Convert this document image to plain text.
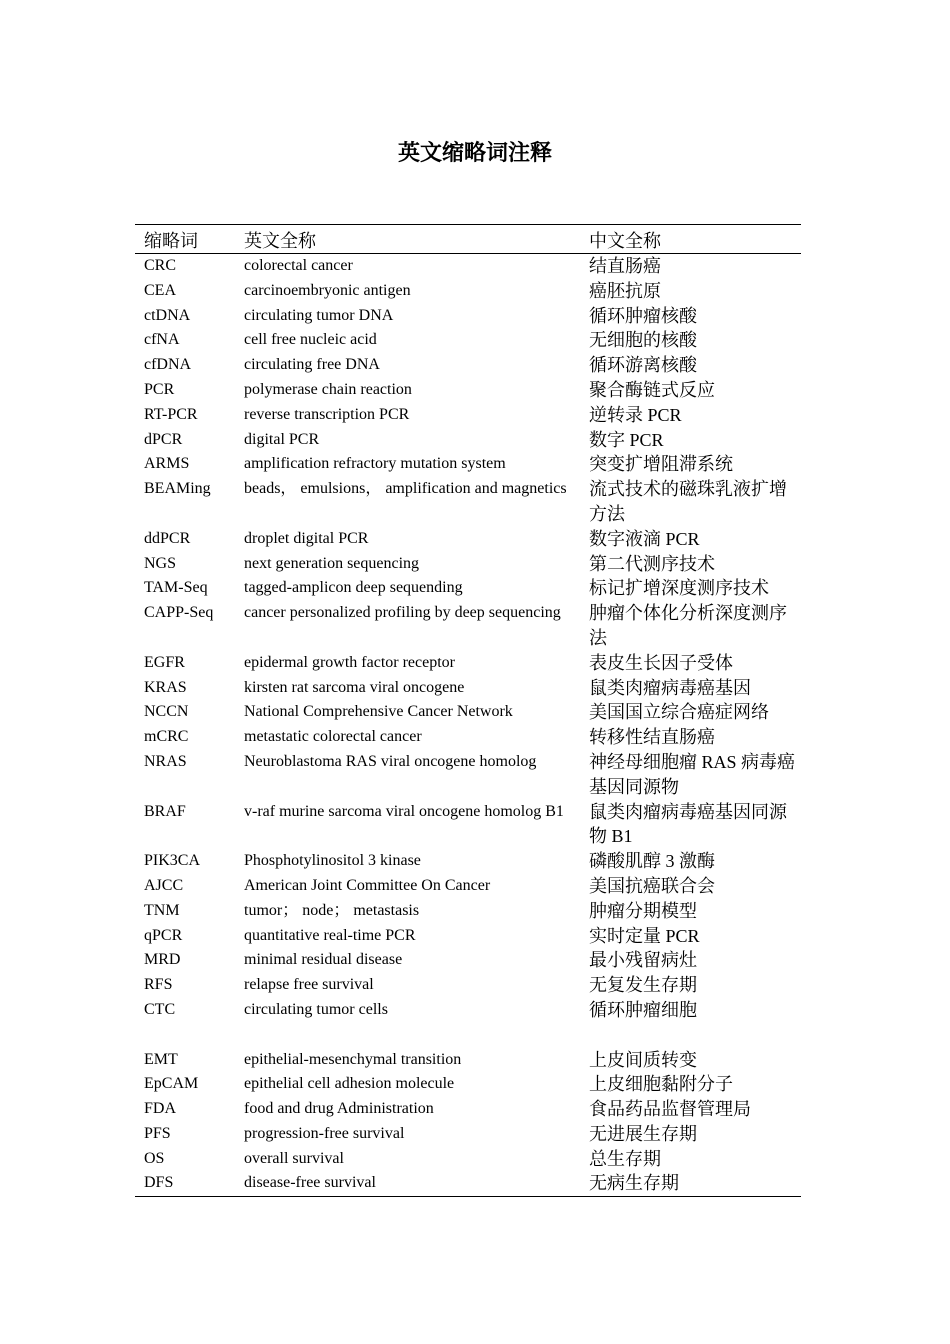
英文缩略词注释
缩略词	英文全称	中文全称
CRC	colorectal cancer	结直肠癌
CEA	carcinoembryonic antigen	癌胚抗原
ctDNA	circulating tumor DNA	循环肿瘤核酸
cfNA	cell free nucleic acid	无细胞的核酸
cfDNA	circulating free DNA	循环游离核酸
PCR	polymerase chain reaction	聚合酶链式反应
RT-PCR	reverse transcription PCR	逆转录 PCR
dPCR	digital PCR	数字 PCR
ARMS	amplification refractory mutation system	突变扩增阻滞系统
BEAMing	beads， emulsions， amplification and magnetics	流式技术的磁珠乳液扩增方法
ddPCR	droplet digital PCR	数字液滴 PCR
NGS	next generation sequencing	第二代测序技术
TAM-Seq	tagged-amplicon deep sequending	标记扩增深度测序技术
CAPP-Seq	cancer personalized profiling by deep sequencing	肿瘤个体化分析深度测序法
EGFR	epidermal growth factor receptor	表皮生长因子受体
KRAS	kirsten rat sarcoma viral oncogene	鼠类肉瘤病毒癌基因
NCCN	National Comprehensive Cancer Network	美国国立综合癌症网络
mCRC	metastatic colorectal cancer	转移性结直肠癌
NRAS	Neuroblastoma RAS viral oncogene homolog	神经母细胞瘤 RAS 病毒癌基因同源物
BRAF	v-raf murine sarcoma viral oncogene homolog B1	鼠类肉瘤病毒癌基因同源物 B1
PIK3CA	Phosphotylinositol 3 kinase	磷酸肌醇 3 激酶
AJCC	American Joint Committee On Cancer	美国抗癌联合会
TNM	tumor； node； metastasis	肿瘤分期模型
qPCR	quantitative real-time PCR	实时定量 PCR
MRD	minimal residual disease	最小残留病灶
RFS	relapse free survival	无复发生存期
CTC	circulating tumor cells	循环肿瘤细胞

EMT	epithelial-mesenchymal transition	上皮间质转变
EpCAM	epithelial cell adhesion molecule	上皮细胞黏附分子
FDA	food and drug Administration	食品药品监督管理局
PFS	progression-free survival	无进展生存期
OS	overall survival	总生存期
DFS	disease-free survival	无病生存期
